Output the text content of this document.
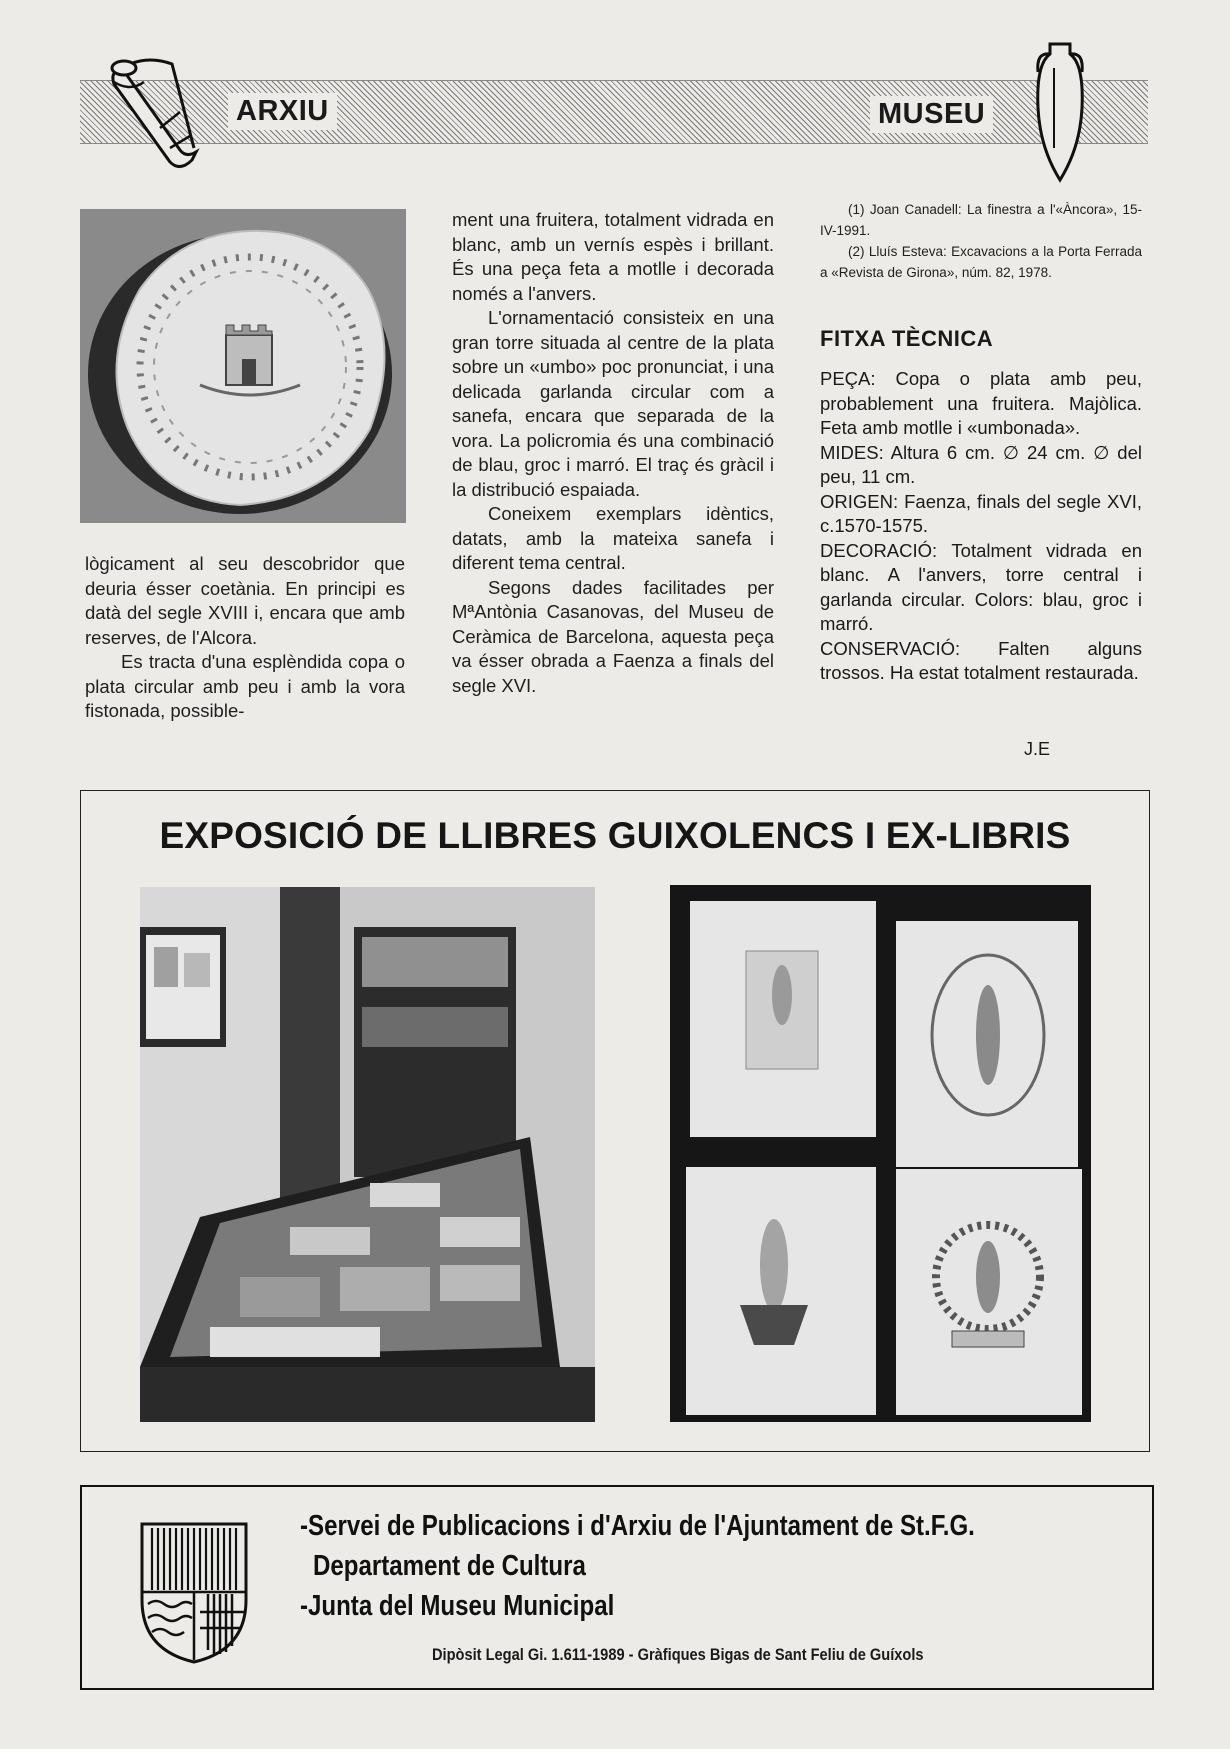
ARXIU	MUSEU

lògicament al seu descobridor que deuria ésser coetània. En principi es datà del segle XVIII i, encara que amb reserves, de l'Alcora.

Es tracta d'una esplèndida copa o plata circular amb peu i amb la vora fistonada, possible-

ment una fruitera, totalment vidrada en blanc, amb un vernís espès i brillant. És una peça feta a motlle i decorada només a l'anvers.

L'ornamentació consisteix en una gran torre situada al centre de la plata sobre un «umbo» poc pronunciat, i una delicada garlanda circular com a sanefa, encara que separada de la vora. La policromia és una combinació de blau, groc i marró. El traç és gràcil i la distribució espaiada.

Coneixem exemplars idèntics, datats, amb la mateixa sanefa i diferent tema central.

Segons dades facilitades per MªAntònia Casanovas, del Museu de Ceràmica de Barcelona, aquesta peça va ésser obrada a Faenza a finals del segle XVI.

(1) Joan Canadell: La finestra a l'«Àncora», 15-IV-1991.

(2) Lluís Esteva: Excavacions a la Porta Ferrada a «Revista de Girona», núm. 82, 1978.

FITXA TÈCNICA

PEÇA: Copa o plata amb peu, probablement una fruitera. Majòlica. Feta amb motlle i «umbonada».

MIDES: Altura 6 cm. ∅ 24 cm. ∅ del peu, 11 cm.

ORIGEN: Faenza, finals del segle XVI, c.1570-1575.

DECORACIÓ: Totalment vidrada en blanc. A l'anvers, torre central i garlanda circular. Colors: blau, groc i marró.

CONSERVACIÓ: Falten alguns trossos. Ha estat totalment restaurada.

J.E
EXPOSICIÓ DE LLIBRES GUIXOLENCS I EX-LIBRIS
-Servei de Publicacions i d'Arxiu de l'Ajuntament de St.F.G.
Departament de Cultura
-Junta del Museu Municipal
Dipòsit Legal Gi. 1.611-1989 - Gràfiques Bigas de Sant Feliu de Guíxols
